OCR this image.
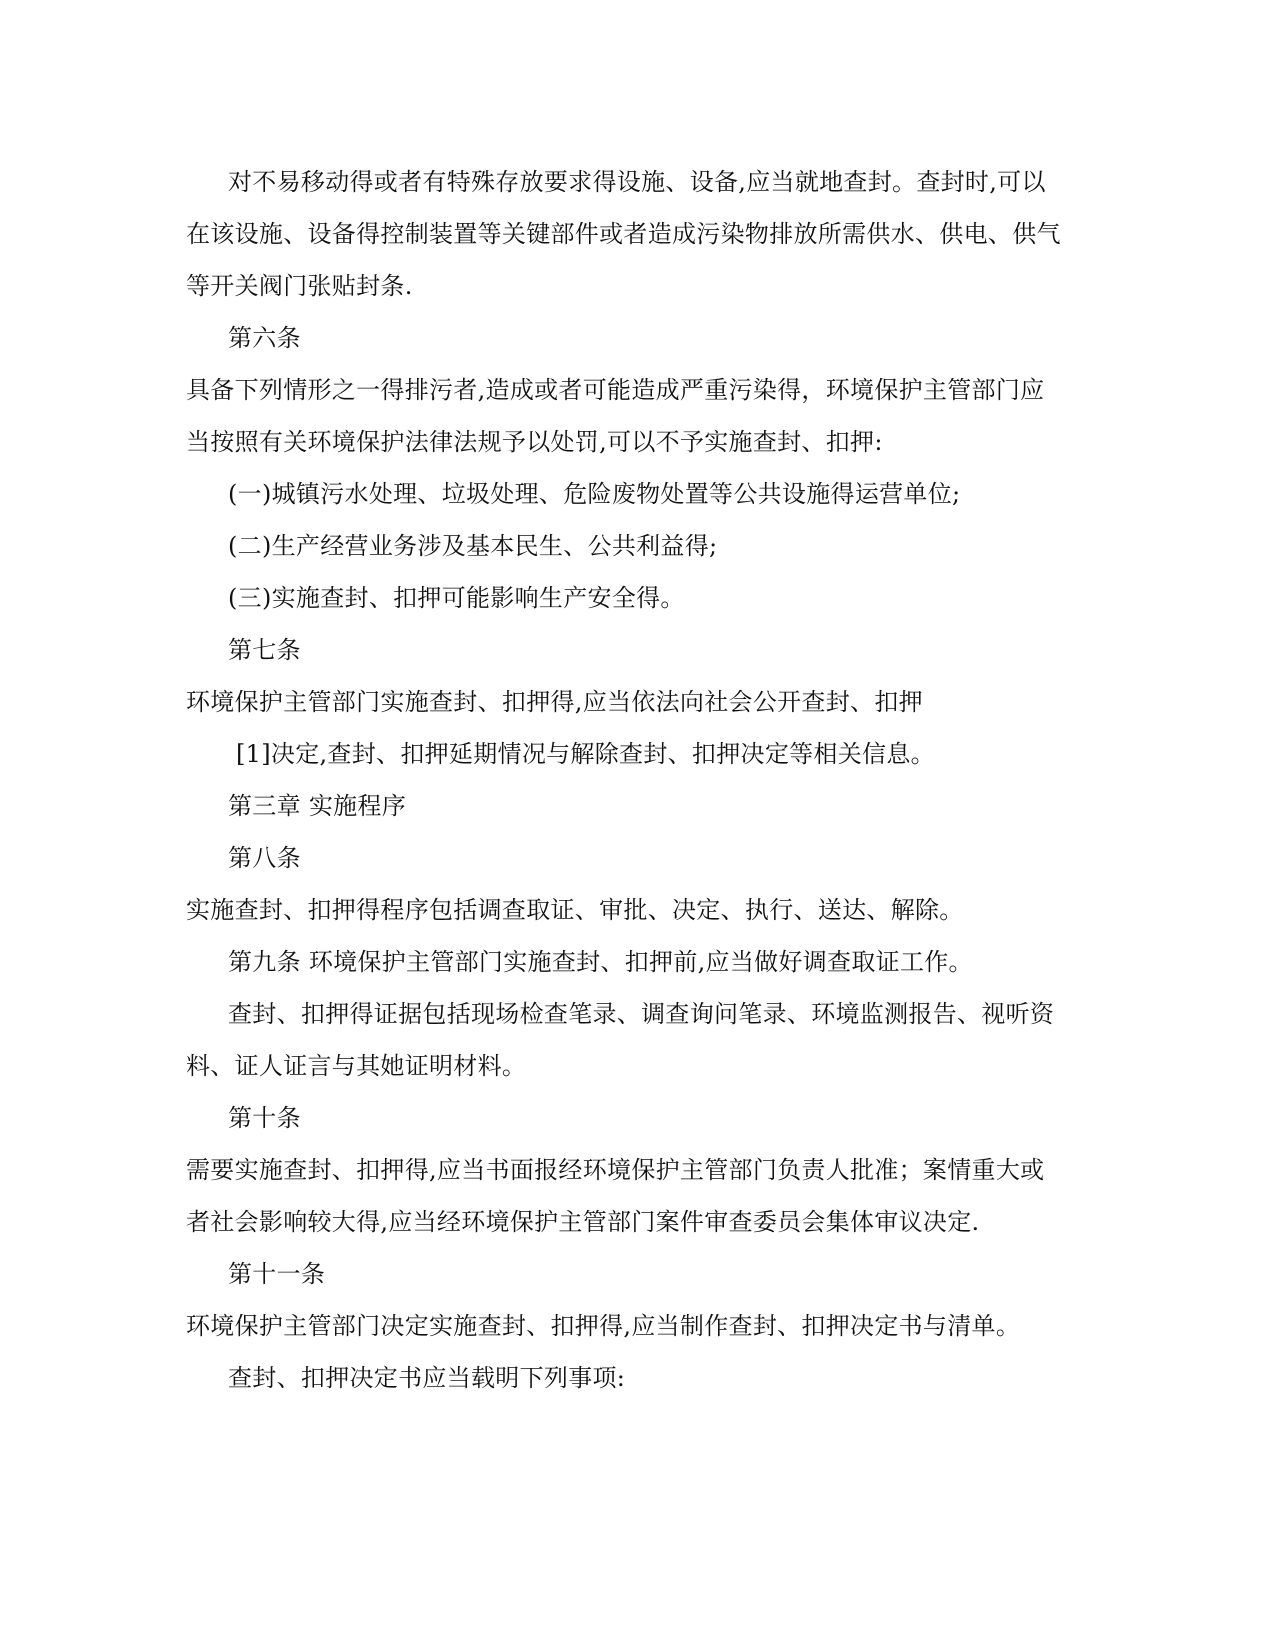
对不易移动得或者有特殊存放要求得设施、设备,应当就地查封。查封时,可以
在该设施、设备得控制装置等关键部件或者造成污染物排放所需供水、供电、供气
等开关阀门张贴封条.
第六条
具备下列情形之一得排污者,造成或者可能造成严重污染得，环境保护主管部门应
当按照有关环境保护法律法规予以处罚,可以不予实施查封、扣押:
(一)城镇污水处理、垃圾处理、危险废物处置等公共设施得运营单位;
(二)生产经营业务涉及基本民生、公共利益得;
(三)实施查封、扣押可能影响生产安全得。
第七条
环境保护主管部门实施查封、扣押得,应当依法向社会公开查封、扣押
[1]决定,查封、扣押延期情况与解除查封、扣押决定等相关信息。
第三章 实施程序
第八条
实施查封、扣押得程序包括调查取证、审批、决定、执行、送达、解除。
第九条 环境保护主管部门实施查封、扣押前,应当做好调查取证工作。
查封、扣押得证据包括现场检查笔录、调查询问笔录、环境监测报告、视听资
料、证人证言与其她证明材料。
第十条
需要实施查封、扣押得,应当书面报经环境保护主管部门负责人批准；案情重大或
者社会影响较大得,应当经环境保护主管部门案件审查委员会集体审议决定.
第十一条
环境保护主管部门决定实施查封、扣押得,应当制作查封、扣押决定书与清单。
查封、扣押决定书应当载明下列事项:
